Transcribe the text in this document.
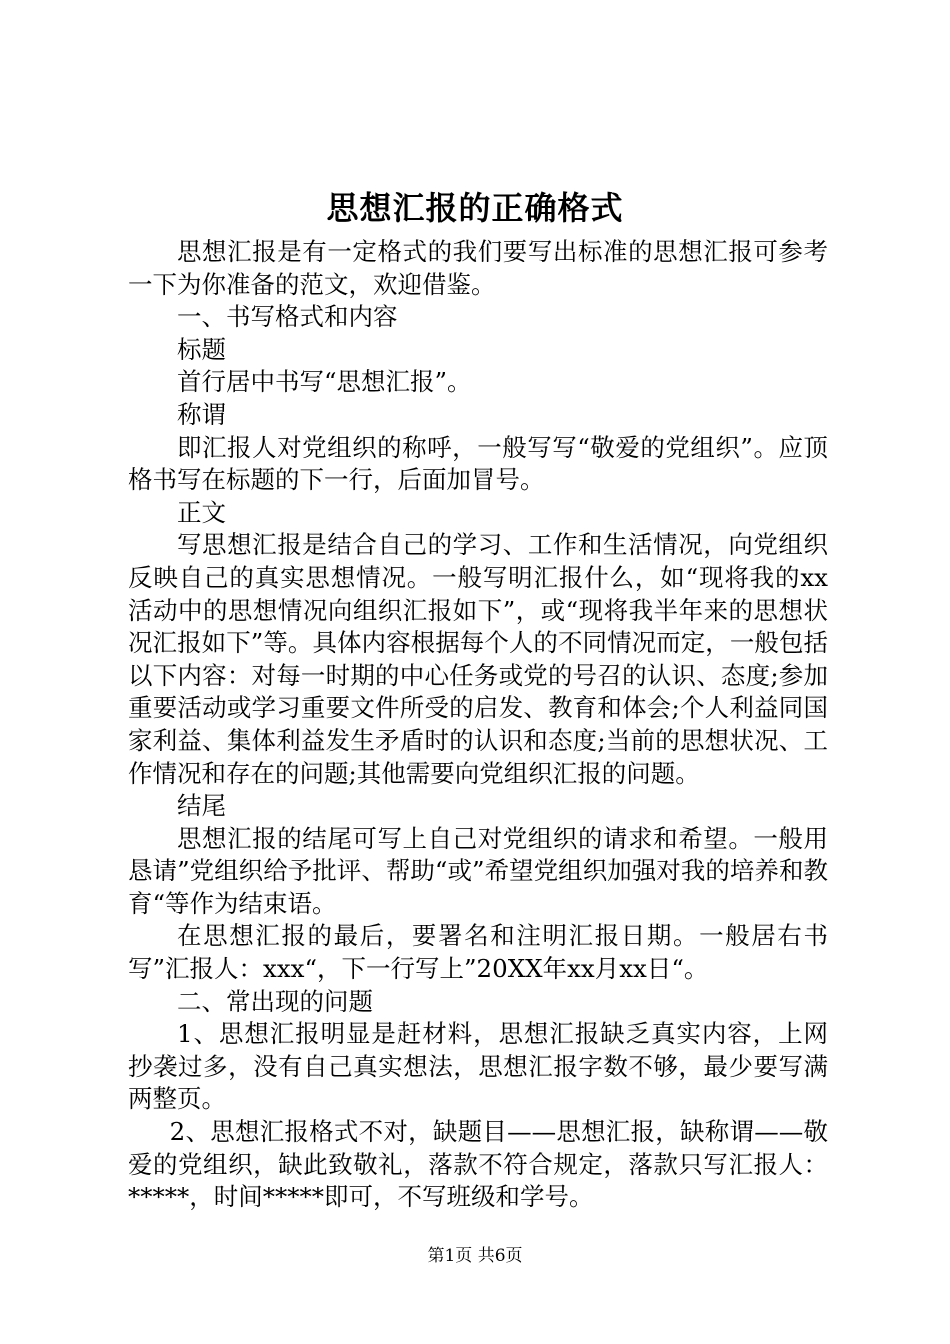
思想汇报的正确格式

思想汇报是有一定格式的我们要写出标准的思想汇报可参考一下为你准备的范文，欢迎借鉴。

一、书写格式和内容

标题

首行居中书写“思想汇报”。

称谓

即汇报人对党组织的称呼，一般写写“敬爱的党组织”。应顶格书写在标题的下一行，后面加冒号。

正文

写思想汇报是结合自己的学习、工作和生活情况，向党组织反映自己的真实思想情况。一般写明汇报什么，如“现将我的xx活动中的思想情况向组织汇报如下”，或“现将我半年来的思想状况汇报如下”等。具体内容根据每个人的不同情况而定，一般包括以下内容：对每一时期的中心任务或党的号召的认识、态度;参加重要活动或学习重要文件所受的启发、教育和体会;个人利益同国家利益、集体利益发生矛盾时的认识和态度;当前的思想状况、工作情况和存在的问题;其他需要向党组织汇报的问题。

结尾

思想汇报的结尾可写上自己对党组织的请求和希望。一般用恳请”党组织给予批评、帮助“或”希望党组织加强对我的培养和教育“等作为结束语。

在思想汇报的最后，要署名和注明汇报日期。一般居右书写”汇报人：xxx“，下一行写上”20XX年xx月xx日“。

二、常出现的问题

1、思想汇报明显是赶材料，思想汇报缺乏真实内容，上网抄袭过多，没有自己真实想法，思想汇报字数不够，最少要写满两整页。

2、思想汇报格式不对，缺题目——思想汇报，缺称谓——敬爱的党组织，缺此致敬礼，落款不符合规定，落款只写汇报人：*****，时间*****即可，不写班级和学号。

第1页 共6页
